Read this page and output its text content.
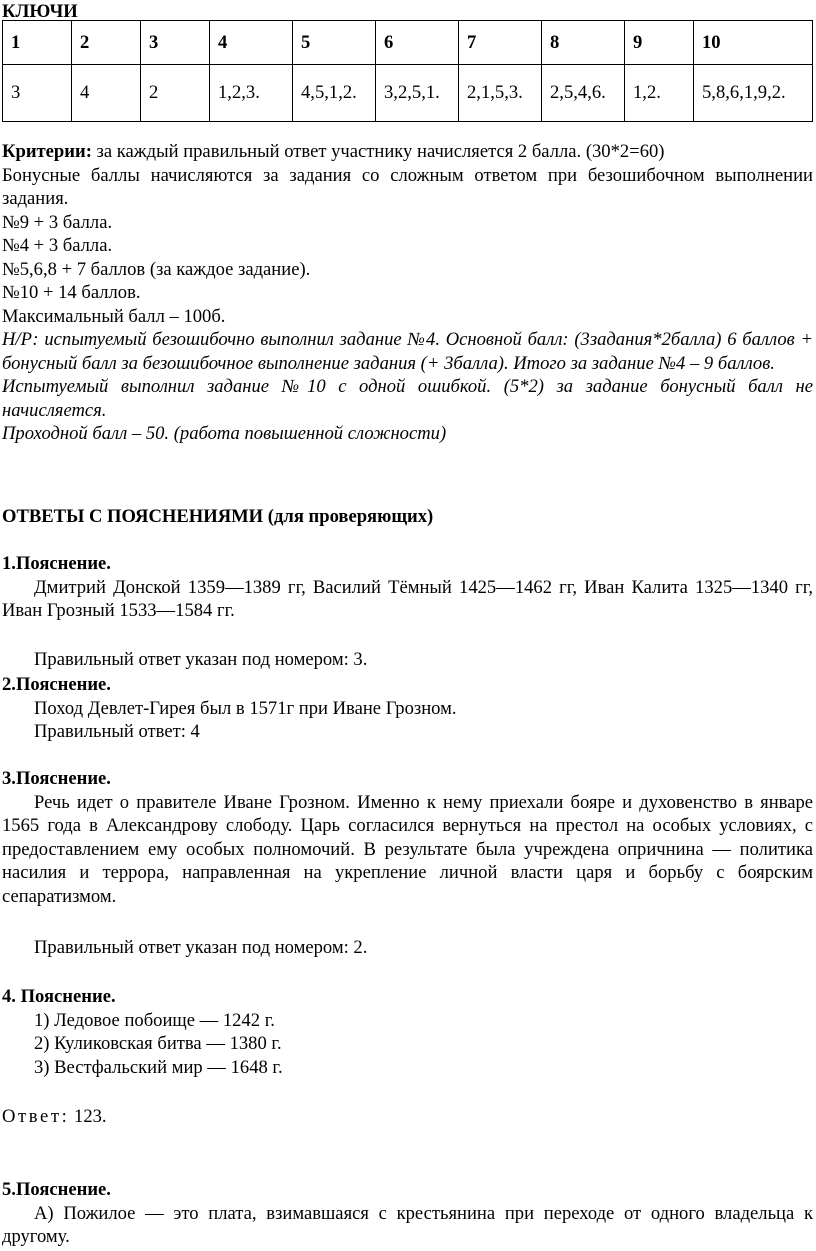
КЛЮЧИ
1	2	3	4	5	6	7	8	9	10
3	4	2	1,2,3.	4,5,1,2.	3,2,5,1.	2,1,5,3.	2,5,4,6.	1,2.	5,8,6,1,9,2.

Критерии: за каждый правильный ответ участнику начисляется 2 балла. (30*2=60)

Бонусные баллы начисляются за задания со сложным ответом при безошибочном выполнении задания.

№9 + 3 балла.

№4 + 3 балла.

№5,6,8 + 7 баллов (за каждое задание).

№10 + 14 баллов.

Максимальный балл – 100б.

Н/Р: испытуемый безошибочно выполнил задание №4. Основной балл: (3задания*2балла) 6 баллов + бонусный балл за безошибочное выполнение задания (+ 3балла). Итого за задание №4 – 9 баллов.

Испытуемый выполнил задание №10 с одной ошибкой. (5*2) за задание бонусный балл не начисляется.

Проходной балл – 50. (работа повышенной сложности)

ОТВЕТЫ С ПОЯСНЕНИЯМИ (для проверяющих)

1.Пояснение.

Дмитрий Донской 1359—1389 гг, Василий Тёмный 1425—1462 гг, Иван Калита 1325—1340 гг, Иван Грозный 1533—1584 гг.

Правильный ответ указан под номером: 3.

2.Пояснение.

Поход Девлет-Гирея был в 1571г при Иване Грозном.

Правильный ответ: 4

3.Пояснение.

Речь идет о правителе Иване Грозном. Именно к нему приехали бояре и духовенство в январе 1565 года в Александрову слободу. Царь согласился вернуться на престол на особых условиях, с предоставлением ему особых полномочий. В результате была учреждена опричнина — политика насилия и террора, направленная на укрепление личной власти царя и борьбу с боярским сепаратизмом.

Правильный ответ указан под номером: 2.

4. Пояснение.

1) Ледовое побоище — 1242 г.

2) Куликовская битва — 1380 г.

3) Вестфальский мир — 1648 г.

Ответ: 123.

5.Пояснение.

А) Пожилое — это плата, взимавшаяся с крестьянина при переходе от одного владельца к другому.
